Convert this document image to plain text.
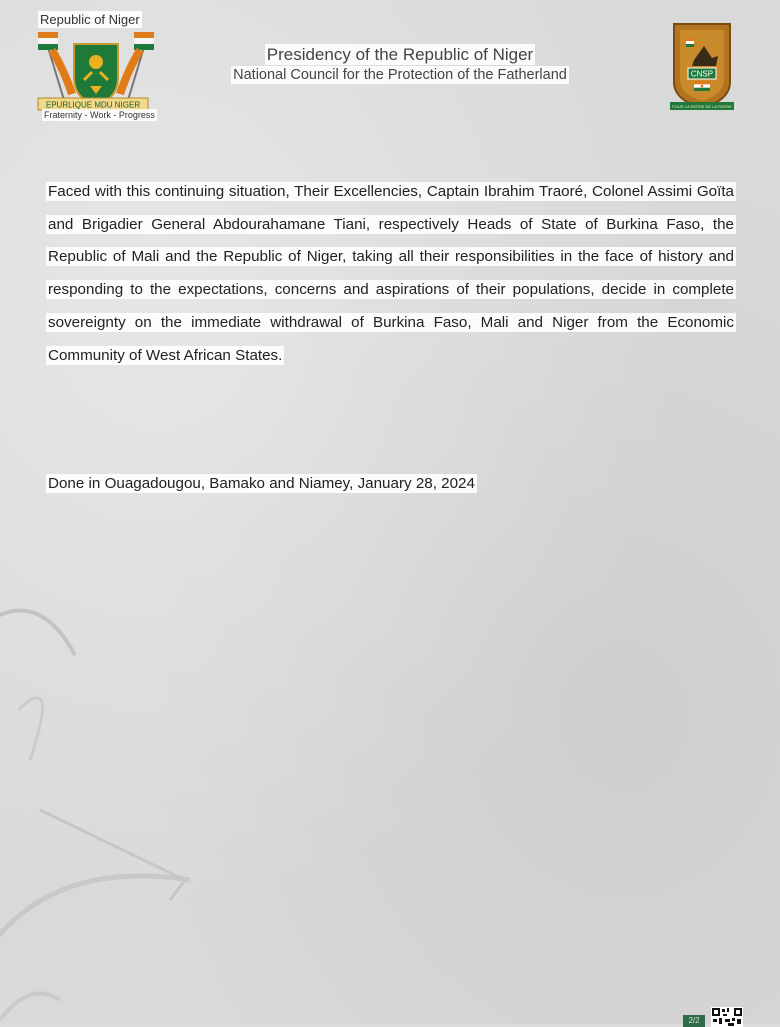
Republic of Niger
EPURLIQUE MDU NIGER
Fraternity - Work - Progress
Presidency of the Republic of Niger
National Council for the Protection of the Fatherland	CNSP
POUR LA PATRIE DE LA PATRIE
Faced with this continuing situation, Their Excellencies, Captain Ibrahim Traoré, Colonel Assimi Goïta and Brigadier General Abdourahamane Tiani, respectively Heads of State of Burkina Faso, the Republic of Mali and the Republic of Niger, taking all their responsibilities in the face of history and responding to the expectations, concerns and aspirations of their populations, decide in complete sovereignty on the immediate withdrawal of Burkina Faso, Mali and Niger from the Economic Community of West African States.
Done in Ouagadougou, Bamako and Niamey, January 28, 2024
2/2
